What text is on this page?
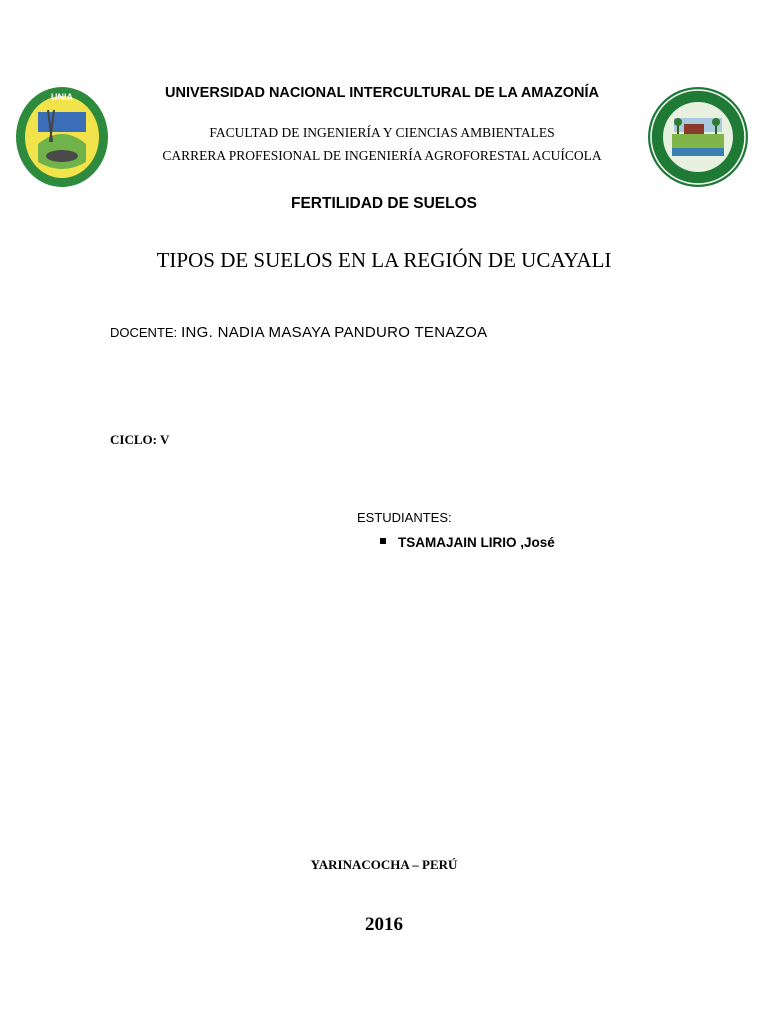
UNIA	UNIVERSIDAD NACIONAL INTERCULTURAL DE LA AMAZONÍA
FACULTAD DE INGENIERÍA Y CIENCIAS AMBIENTALES
CARRERA PROFESIONAL DE INGENIERÍA AGROFORESTAL ACUÍCOLA
FERTILIDAD DE SUELOS
TIPOS DE SUELOS EN LA REGIÓN DE UCAYALI
DOCENTE: ING. NADIA MASAYA PANDURO TENAZOA
CICLO: V
ESTUDIANTES:
TSAMAJAIN LIRIO ,José
YARINACOCHA – PERÚ
2016
